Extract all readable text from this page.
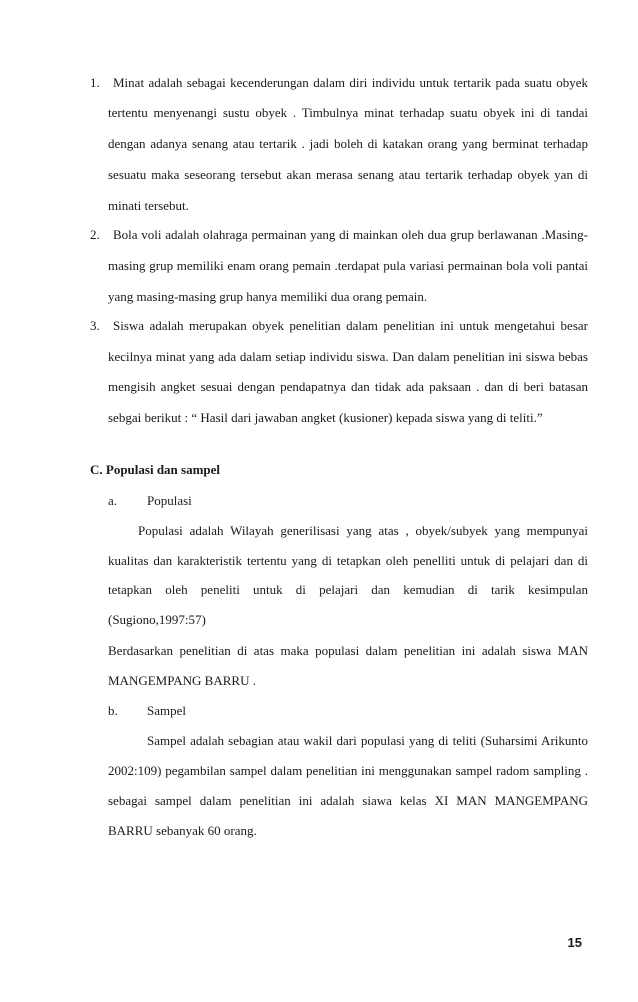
1. Minat adalah sebagai kecenderungan dalam diri individu untuk tertarik pada suatu obyek
tertentu menyenangi sustu obyek . Timbulnya minat terhadap suatu obyek ini di tandai
dengan adanya senang atau tertarik . jadi boleh di katakan orang yang berminat terhadap
sesuatu maka seseorang tersebut akan merasa senang atau tertarik terhadap obyek yan di
minati tersebut.
2. Bola voli adalah olahraga permainan yang di mainkan oleh dua grup berlawanan .Masing-
masing grup memiliki enam orang pemain .terdapat pula variasi permainan bola voli pantai
yang masing-masing grup hanya memiliki dua orang pemain.
3. Siswa adalah merupakan obyek penelitian dalam penelitian ini untuk mengetahui besar
kecilnya minat yang ada dalam setiap individu siswa. Dan dalam penelitian ini siswa bebas
mengisih angket sesuai dengan pendapatnya dan tidak ada paksaan . dan di beri batasan
sebgai berikut : “ Hasil dari jawaban angket (kusioner) kepada siswa yang di teliti.”
C. Populasi dan sampel
a. Populasi
Populasi adalah Wilayah generilisasi yang atas , obyek/subyek yang mempunyai
kualitas dan karakteristik tertentu yang di tetapkan oleh penelliti untuk di pelajari dan di
tetapkan oleh peneliti untuk di pelajari dan kemudian di tarik kesimpulan
(Sugiono,1997:57)
Berdasarkan penelitian di atas maka populasi dalam penelitian ini adalah siswa MAN
MANGEMPANG BARRU .
b. Sampel
Sampel adalah sebagian atau wakil dari populasi yang di teliti (Suharsimi Arikunto
2002:109) pegambilan sampel dalam penelitian ini menggunakan sampel radom sampling .
sebagai sampel dalam penelitian ini adalah siawa kelas XI MAN MANGEMPANG
BARRU sebanyak 60 orang.
15
